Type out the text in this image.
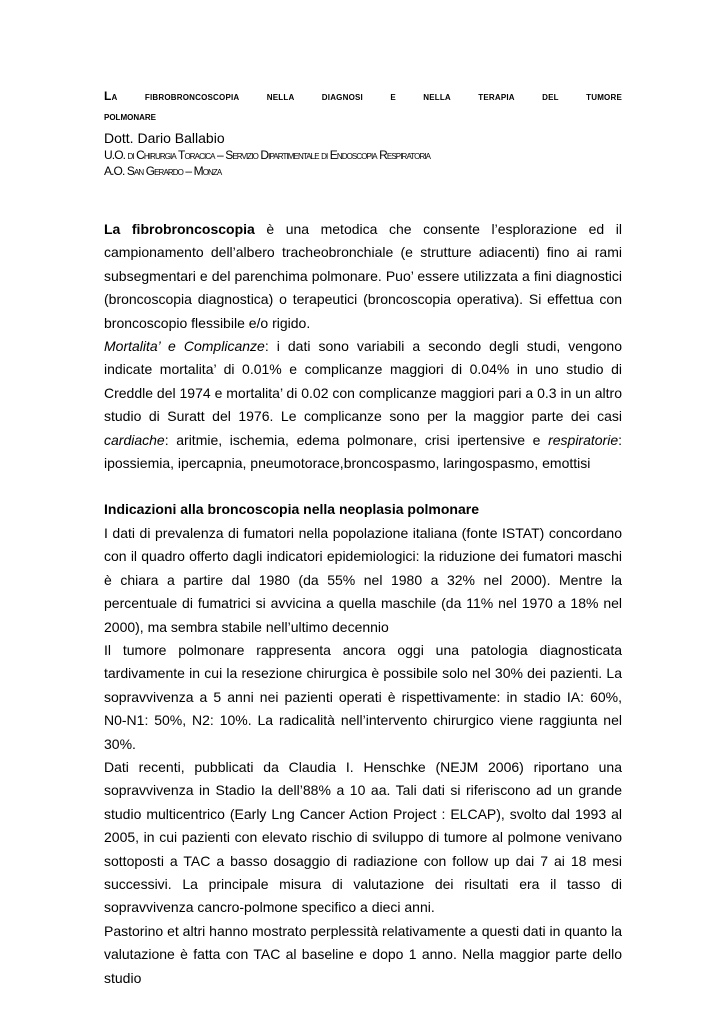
La fibrobroncoscopia nella diagnosi e nella terapia del tumore
polmonare
Dott. Dario Ballabio
U.O. di Chirurgia Toracica – Servizio Dipartimentale di Endoscopia Respiratoria
A.O. San Gerardo – Monza

La fibrobroncoscopia è una metodica che consente l’esplorazione ed il campionamento dell’albero tracheobronchiale (e strutture adiacenti) fino ai rami subsegmentari e del parenchima polmonare. Puo’ essere utilizzata a fini diagnostici (broncoscopia diagnostica) o terapeutici (broncoscopia operativa). Si effettua con broncoscopio flessibile e/o rigido.

Mortalita’ e Complicanze: i dati sono variabili a secondo degli studi, vengono indicate mortalita’ di 0.01% e complicanze maggiori di 0.04% in uno studio di Creddle del 1974 e mortalita’ di 0.02 con complicanze maggiori pari a 0.3 in un altro studio di Suratt del 1976. Le complicanze sono per la maggior parte dei casi cardiache: aritmie, ischemia, edema polmonare, crisi ipertensive e respiratorie: ipossiemia, ipercapnia, pneumotorace,broncospasmo, laringospasmo, emottisi

Indicazioni alla broncoscopia nella neoplasia polmonare

I dati di prevalenza di fumatori nella popolazione italiana (fonte ISTAT) concordano con il quadro offerto dagli indicatori epidemiologici: la riduzione dei fumatori maschi è chiara a partire dal 1980 (da 55% nel 1980 a 32% nel 2000). Mentre la percentuale di fumatrici si avvicina a quella maschile (da 11% nel 1970 a 18% nel 2000), ma sembra stabile nell’ultimo decennio

Il tumore polmonare rappresenta ancora oggi una patologia diagnosticata tardivamente in cui la resezione chirurgica è possibile solo nel 30% dei pazienti. La sopravvivenza a 5 anni nei pazienti operati è rispettivamente: in stadio IA: 60%, N0-N1: 50%, N2: 10%. La radicalità nell’intervento chirurgico viene raggiunta nel 30%.

Dati recenti, pubblicati da Claudia I. Henschke (NEJM 2006) riportano una sopravvivenza in Stadio Ia dell’88% a 10 aa. Tali dati si riferiscono ad un grande studio multicentrico (Early Lng Cancer Action Project : ELCAP), svolto dal 1993 al 2005, in cui pazienti con elevato rischio di sviluppo di tumore al polmone venivano sottoposti a TAC a basso dosaggio di radiazione con follow up dai 7 ai 18 mesi successivi. La principale misura di valutazione dei risultati era il tasso di sopravvivenza cancro-polmone specifico a dieci anni.

Pastorino et altri hanno mostrato perplessità relativamente a questi dati in quanto la valutazione è fatta con TAC al baseline e dopo 1 anno. Nella maggior parte dello studio
